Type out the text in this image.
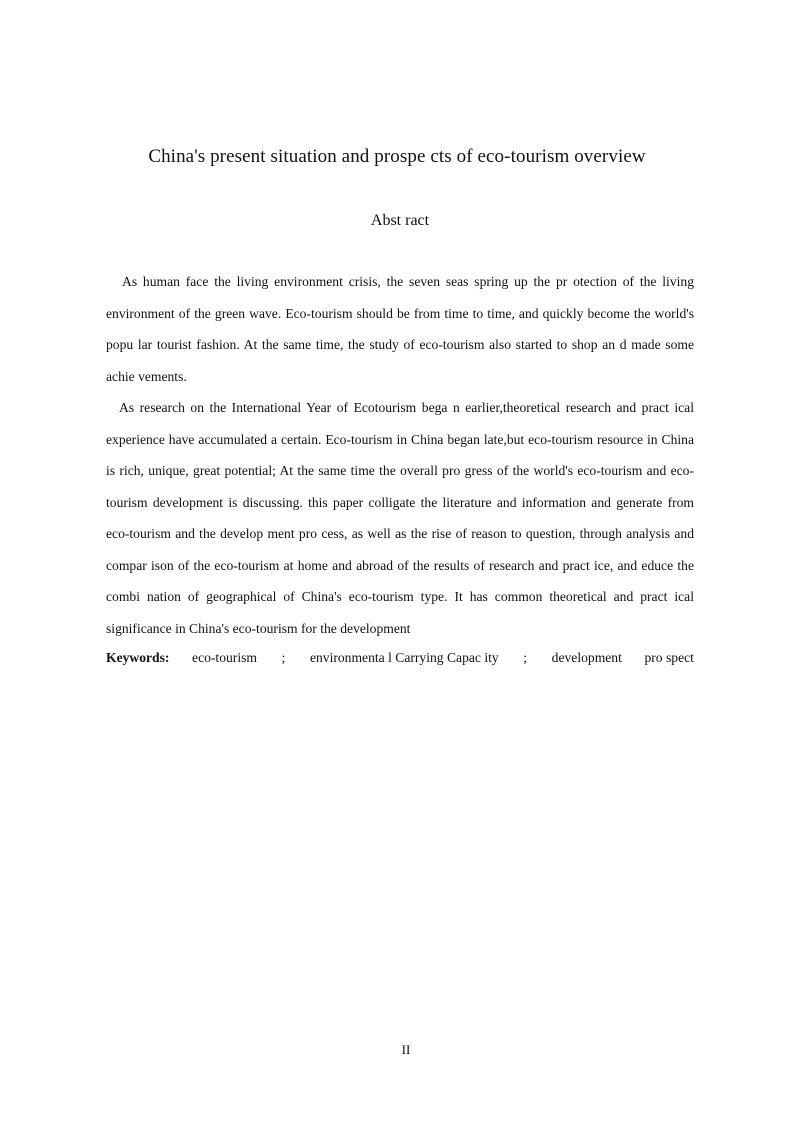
China's present situation and prospe cts of eco-tourism overview
Abst ract

As human face the living environment crisis, the seven seas spring up the pr otection of the living environment of the green wave. Eco-tourism should be from time to time, and quickly become the world's popu lar tourist fashion. At the same time, the study of eco-tourism also started to shop an d made some achie vements.

As research on the International Year of Ecotourism bega n earlier,theoretical research and pract ical experience have accumulated a certain. Eco-tourism in China began late,but eco-tourism resource in China is rich, unique, great potential; At the same time the overall pro gress of the world's eco-tourism and eco-tourism development is discussing. this paper colligate the literature and information and generate from eco-tourism and the develop ment pro cess, as well as the rise of reason to question, through analysis and compar ison of the eco-tourism at home and abroad of the results of research and pract ice, and educe the combi nation of geographical of China's eco-tourism type. It has common theoretical and pract ical significance in China's eco-tourism for the development

Keywords: eco-tourism ; environmenta l Carrying Capac ity ; development pro spect

II
